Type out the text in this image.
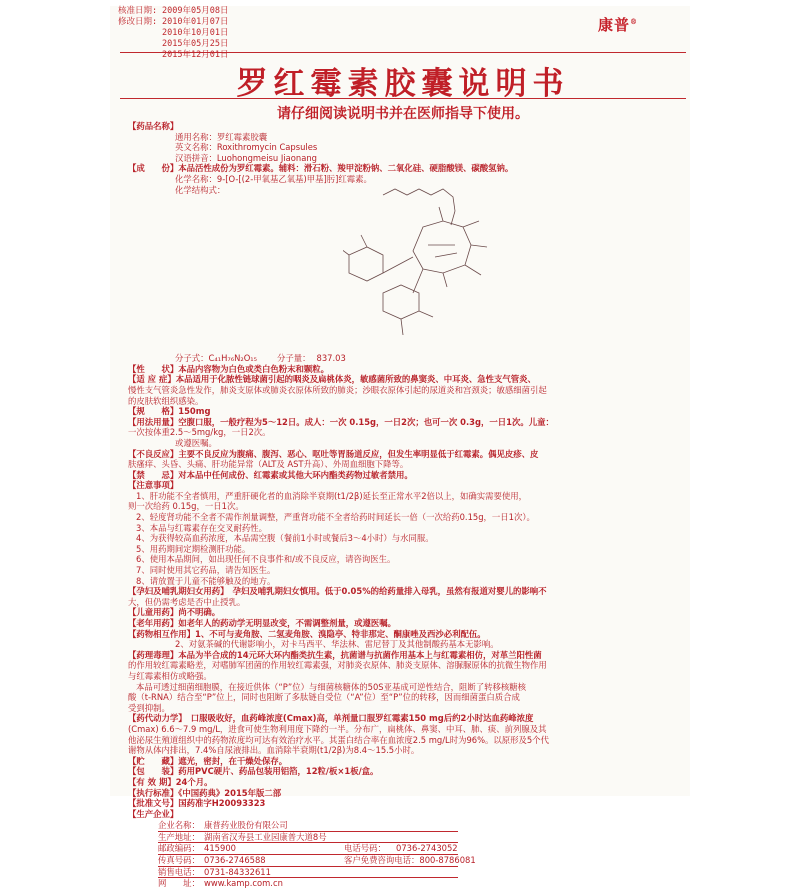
核准日期: 2009年05月08日
修改日期: 2010年01月07日
2010年10月01日
2015年05月25日
2015年12月01日
康普®
罗红霉素胶囊说明书
请仔细阅读说明书并在医师指导下使用。
【药品名称】
通用名称：罗红霉素胶囊
英文名称：Roxithromycin Capsules
汉语拼音：Luohongmeisu Jiaonang
【成　　份】本品活性成份为罗红霉素。辅料：滑石粉、羧甲淀粉钠、二氧化硅、硬脂酸镁、碳酸氢钠。
化学名称：9-[O-[(2-甲氧基乙氧基)甲基]肟]红霉素。
化学结构式：
分子式：C₄₁H₇₆N₂O₁₅ 分子量： 837.03
【性　　状】本品内容物为白色或类白色粉末和颗粒。
【适 应 症】本品适用于化脓性链球菌引起的咽炎及扁桃体炎，敏感菌所致的鼻窦炎、中耳炎、急性支气管炎、
慢性支气管炎急性发作，肺炎支原体或肺炎衣原体所致的肺炎；沙眼衣原体引起的尿道炎和宫颈炎；敏感细菌引起
的皮肤软组织感染。
【规　　格】150mg
【用法用量】空腹口服，一般疗程为5～12日。成人：一次 0.15g，一日2次；也可一次 0.3g，一日1次。儿童：
一次按体重2.5～5mg/kg，一日2次。
或遵医嘱。
【不良反应】主要不良反应为腹痛、腹泻、恶心、呕吐等胃肠道反应，但发生率明显低于红霉素。偶见皮疹、皮
肤瘙痒、头昏、头痛、肝功能异常（ALT及 AST升高）、外周血细胞下降等。
【禁　　忌】对本品中任何成份、红霉素或其他大环内酯类药物过敏者禁用。
【注意事项】
1、肝功能不全者慎用，严重肝硬化者的血消除半衰期(t1/2β)延长至正常水平2倍以上，如确实需要使用，
则一次给药 0.15g，一日1次。
2、轻度肾功能不全者不需作剂量调整，严重肾功能不全者给药时间延长一倍（一次给药0.15g，一日1次）。
3、本品与红霉素存在交叉耐药性。
4、为获得较高血药浓度，本品需空腹（餐前1小时或餐后3～4小时）与水同服。
5、用药期间定期检测肝功能。
6、使用本品期间，如出现任何不良事件和/或不良反应，请咨询医生。
7、同时使用其它药品，请告知医生。
8、请放置于儿童不能够触及的地方。
【孕妇及哺乳期妇女用药】　孕妇及哺乳期妇女慎用。低于0.05%的给药量排入母乳，虽然有报道对婴儿的影响不
大，但仍需考虑是否中止授乳。
【儿童用药】尚不明确。
【老年用药】如老年人的药动学无明显改变，不需调整剂量，或遵医嘱。
【药物相互作用】1、不可与麦角胺、二氢麦角胺、溴隐亭、特非那定、酮康唑及西沙必利配伍。
2、对氨茶碱的代谢影响小，对卡马西平、华法林、雷尼替丁及其他制酸药基本无影响。
【药理毒理】本品为半合成的14元环大环内酯类抗生素，抗菌谱与抗菌作用基本上与红霉素相仿，对革兰阳性菌
的作用较红霉素略差，对嗜肺军团菌的作用较红霉素强，对肺炎衣原体、肺炎支原体、溶脲脲原体的抗微生物作用
与红霉素相仿或略强。
本品可透过细菌细胞膜，在接近供体（“P”位）与细菌核糖体的50S亚基成可逆性结合，阻断了转移核糖核
酸（t-RNA）结合至“P”位上，同时也阻断了多肽链自受位（“A”位）至“P”位的转移，因而细菌蛋白质合成
受到抑制。
【药代动力学】　口服吸收好，血药峰浓度(Cmax)高，单剂量口服罗红霉素150 mg后约2小时达血药峰浓度
(Cmax) 6.6～7.9 mg/L，进食可使生物利用度下降约一半。分布广，扁桃体、鼻窦、中耳、肺、痰、前列腺及其
他泌尿生殖道组织中的药物浓度均可达有效治疗水平。其蛋白结合率在血浓度2.5 mg/L时为96%。以原形及5个代
谢物从体内排出，7.4%自尿液排出。血消除半衰期(t1/2β)为8.4～15.5小时。
【贮　　藏】遮光，密封，在干燥处保存。
【包　　装】药用PVC硬片、药品包装用铝箔，12粒/板×1板/盒。
【有 效 期】24个月。
【执行标准】《中国药典》2015年版二部
【批准文号】国药准字H20093323
【生产企业】
企业名称： 康普药业股份有限公司
生产地址： 湖南省汉寿县工业园康普大道8号
邮政编码： 415900	电话号码： 0736-2743052
传真号码： 0736-2746588	客户免费咨询电话：800-8786081
销售电话： 0731-84332611
网　　址： www.kamp.com.cn
